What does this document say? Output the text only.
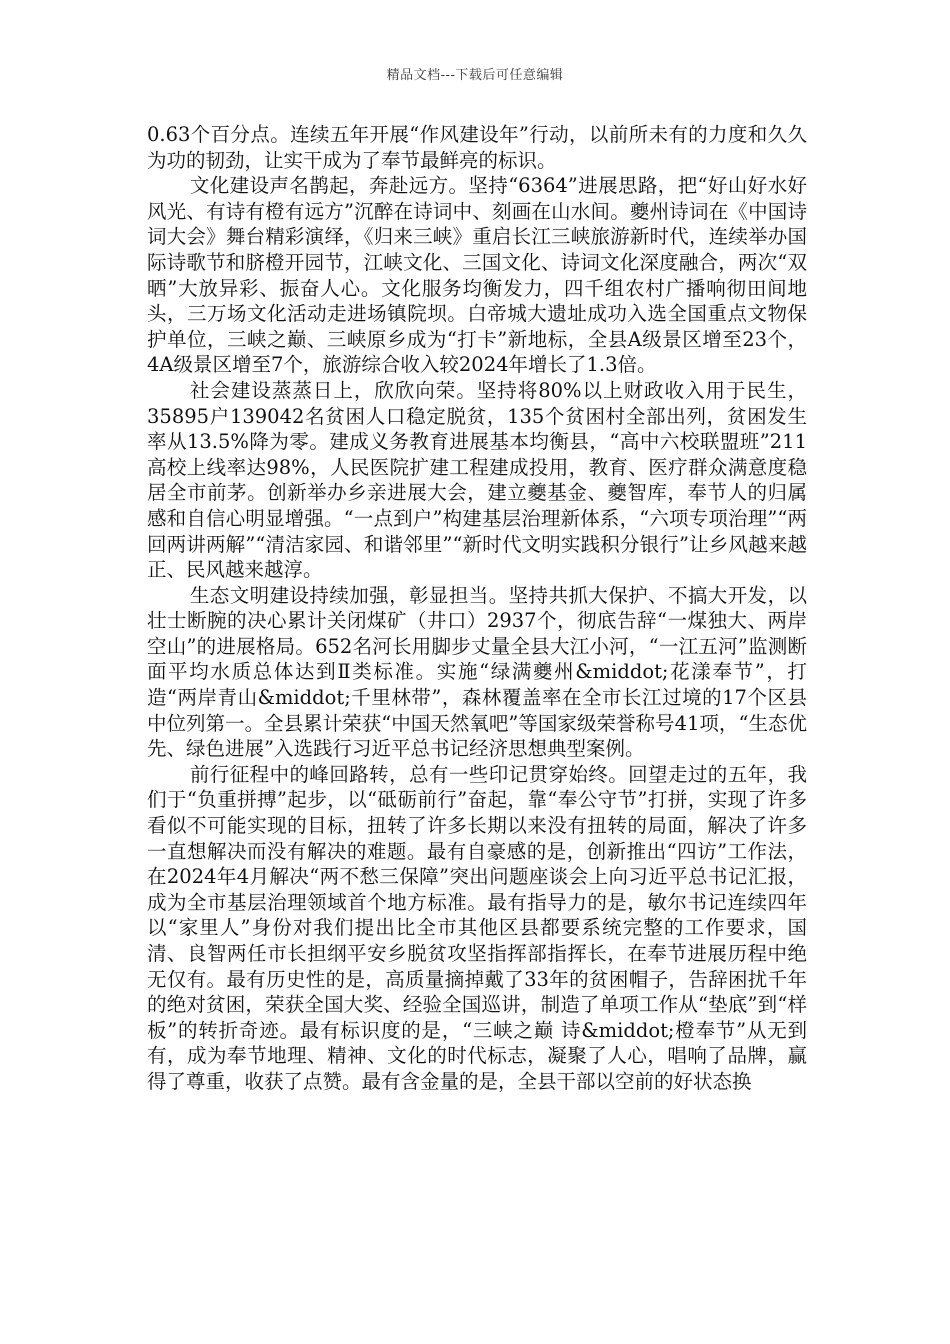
精品文档---下载后可任意编辑

0.63个百分点。连续五年开展“作风建设年”行动，以前所未有的力度和久久为功的韧劲，让实干成为了奉节最鲜亮的标识。

文化建设声名鹊起，奔赴远方。坚持“6364”进展思路，把“好山好水好风光、有诗有橙有远方”沉醉在诗词中、刻画在山水间。夔州诗词在《中国诗词大会》舞台精彩演绎，《归来三峡》重启长江三峡旅游新时代，连续举办国际诗歌节和脐橙开园节，江峡文化、三国文化、诗词文化深度融合，两次“双晒”大放异彩、振奋人心。文化服务均衡发力，四千组农村广播响彻田间地头，三万场文化活动走进场镇院坝。白帝城大遗址成功入选全国重点文物保护单位，三峡之巅、三峡原乡成为“打卡”新地标，全县A级景区增至23个，4A级景区增至7个，旅游综合收入较2024年增长了1.3倍。

社会建设蒸蒸日上，欣欣向荣。坚持将80%以上财政收入用于民生，35895户139042名贫困人口稳定脱贫，135个贫困村全部出列，贫困发生率从13.5%降为零。建成义务教育进展基本均衡县，“高中六校联盟班”211高校上线率达98%，人民医院扩建工程建成投用，教育、医疗群众满意度稳居全市前茅。创新举办乡亲进展大会，建立夔基金、夔智库，奉节人的归属感和自信心明显增强。“一点到户”构建基层治理新体系，“六项专项治理”“两回两讲两解”“清洁家园、和谐邻里”“新时代文明实践积分银行”让乡风越来越正、民风越来越淳。

生态文明建设持续加强，彰显担当。坚持共抓大保护、不搞大开发，以壮士断腕的决心累计关闭煤矿（井口）2937个，彻底告辞“一煤独大、两岸空山”的进展格局。652名河长用脚步丈量全县大江小河，“一江五河”监测断面平均水质总体达到Ⅱ类标准。实施“绿满夔州&middot;花漾奉节”，打造“两岸青山&middot;千里林带”，森林覆盖率在全市长江过境的17个区县中位列第一。全县累计荣获“中国天然氧吧”等国家级荣誉称号41项，“生态优先、绿色进展”入选践行习近平总书记经济思想典型案例。

前行征程中的峰回路转，总有一些印记贯穿始终。回望走过的五年，我们于“负重拼搏”起步，以“砥砺前行”奋起，靠“奉公守节”打拼，实现了许多看似不可能实现的目标，扭转了许多长期以来没有扭转的局面，解决了许多一直想解决而没有解决的难题。最有自豪感的是，创新推出“四访”工作法，在2024年4月解决“两不愁三保障”突出问题座谈会上向习近平总书记汇报，成为全市基层治理领域首个地方标准。最有指导力的是，敏尔书记连续四年以“家里人”身份对我们提出比全市其他区县都要系统完整的工作要求，国清、良智两任市长担纲平安乡脱贫攻坚指挥部指挥长，在奉节进展历程中绝无仅有。最有历史性的是，高质量摘掉戴了33年的贫困帽子，告辞困扰千年的绝对贫困，荣获全国大奖、经验全国巡讲，制造了单项工作从“垫底”到“样板”的转折奇迹。最有标识度的是，“三峡之巅 诗&middot;橙奉节”从无到有，成为奉节地理、精神、文化的时代标志，凝聚了人心，唱响了品牌，赢得了尊重，收获了点赞。最有含金量的是，全县干部以空前的好状态换
